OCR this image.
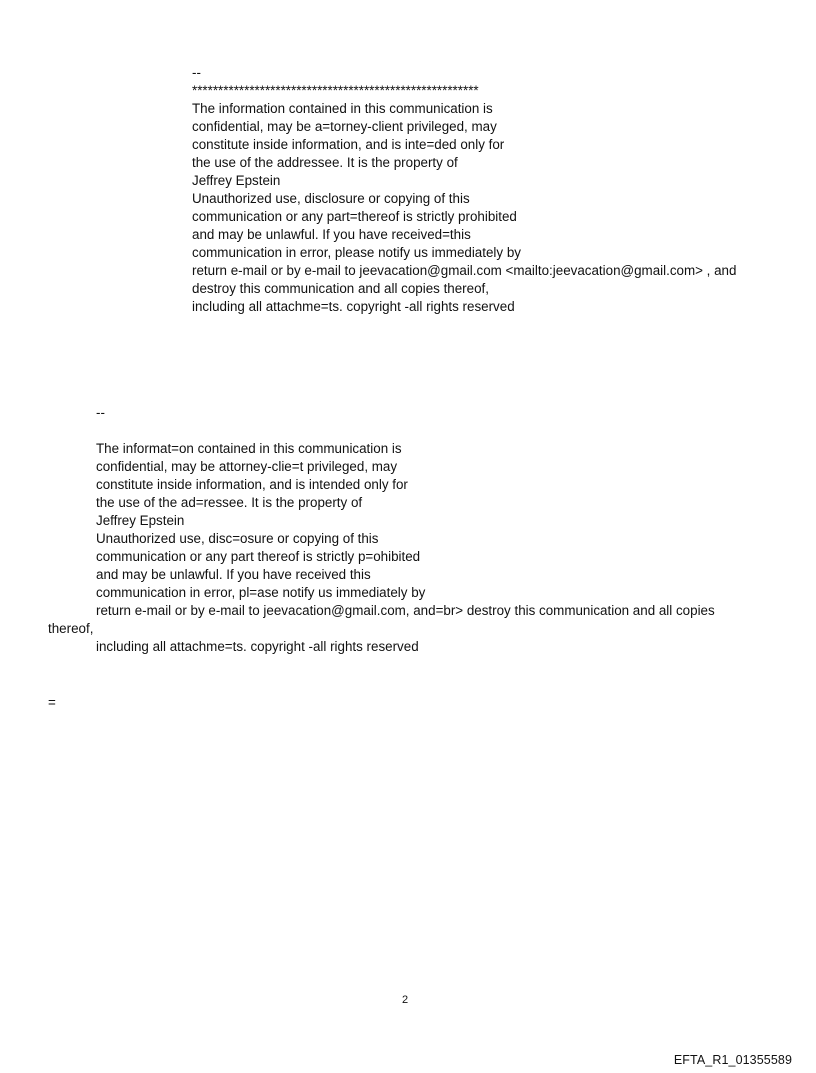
--
*******************************************************
The information contained in this communication is
confidential, may be a=torney-client privileged, may
constitute inside information, and is inte=ded only for
the use of the addressee. It is the property of
Jeffrey Epstein
Unauthorized use, disclosure or copying of this
communication or any part=thereof is strictly prohibited
and may be unlawful. If you have received=this
communication in error, please notify us immediately by
return e-mail or by e-mail to jeevacation@gmail.com <mailto:jeevacation@gmail.com> , and
destroy this communication and all copies thereof,
including all attachme=ts. copyright -all rights reserved
--
The informat=on contained in this communication is
confidential, may be attorney-clie=t privileged, may
constitute inside information, and is intended only for
the use of the ad=ressee. It is the property of
Jeffrey Epstein
Unauthorized use, disc=osure or copying of this
communication or any part thereof is strictly p=ohibited
and may be unlawful. If you have received this
communication in error, pl=ase notify us immediately by
return e-mail or by e-mail to jeevacation@gmail.com, and=br> destroy this communication and all copies
thereof,
including all attachme=ts. copyright -all rights reserved
=
2
EFTA_R1_01355589
